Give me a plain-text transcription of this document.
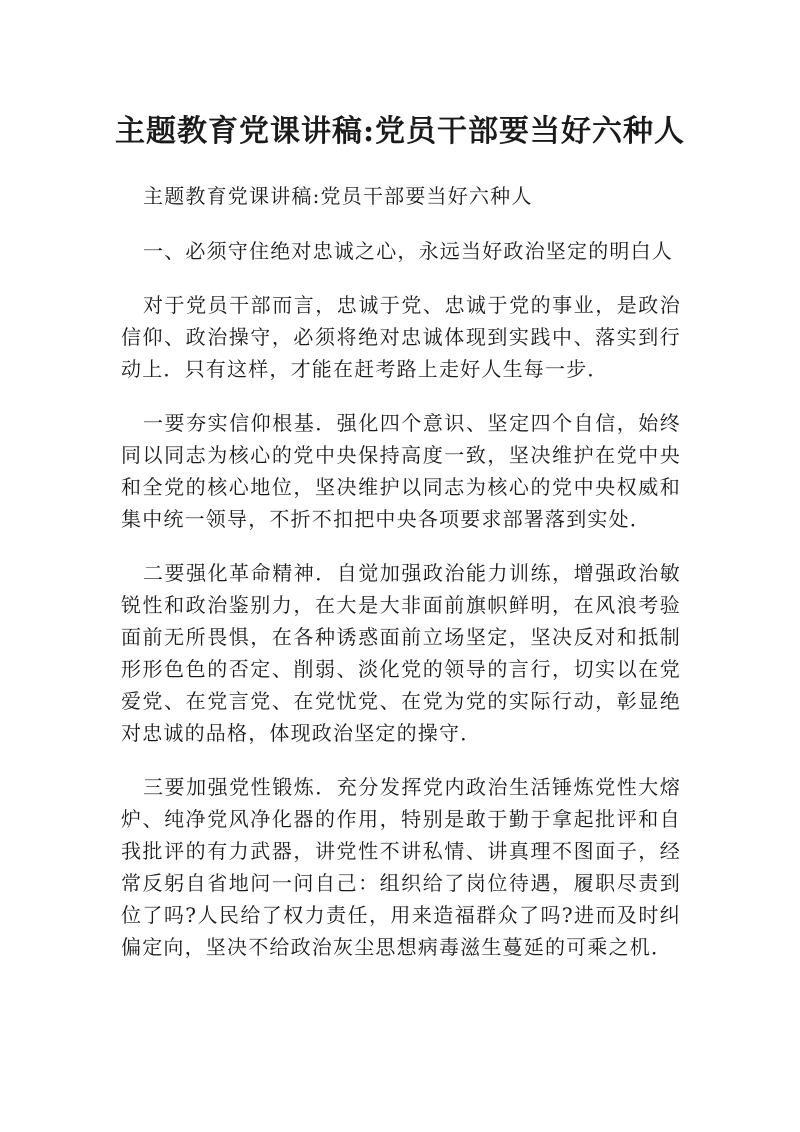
主题教育党课讲稿:党员干部要当好六种人

主题教育党课讲稿:党员干部要当好六种人

一、必须守住绝对忠诚之心，永远当好政治坚定的明白人

对于党员干部而言，忠诚于党、忠诚于党的事业，是政治信仰、政治操守，必须将绝对忠诚体现到实践中、落实到行动上．只有这样，才能在赶考路上走好人生每一步．

一要夯实信仰根基．强化四个意识、坚定四个自信，始终同以同志为核心的党中央保持高度一致，坚决维护在党中央和全党的核心地位，坚决维护以同志为核心的党中央权威和集中统一领导，不折不扣把中央各项要求部署落到实处．

二要强化革命精神．自觉加强政治能力训练，增强政治敏锐性和政治鉴别力，在大是大非面前旗帜鲜明，在风浪考验面前无所畏惧，在各种诱惑面前立场坚定，坚决反对和抵制形形色色的否定、削弱、淡化党的领导的言行，切实以在党爱党、在党言党、在党忧党、在党为党的实际行动，彰显绝对忠诚的品格，体现政治坚定的操守．

三要加强党性锻炼．充分发挥党内政治生活锤炼党性大熔炉、纯净党风净化器的作用，特别是敢于勤于拿起批评和自我批评的有力武器，讲党性不讲私情、讲真理不图面子，经常反躬自省地问一问自己：组织给了岗位待遇，履职尽责到位了吗?人民给了权力责任，用来造福群众了吗?进而及时纠偏定向，坚决不给政治灰尘思想病毒滋生蔓延的可乘之机．
